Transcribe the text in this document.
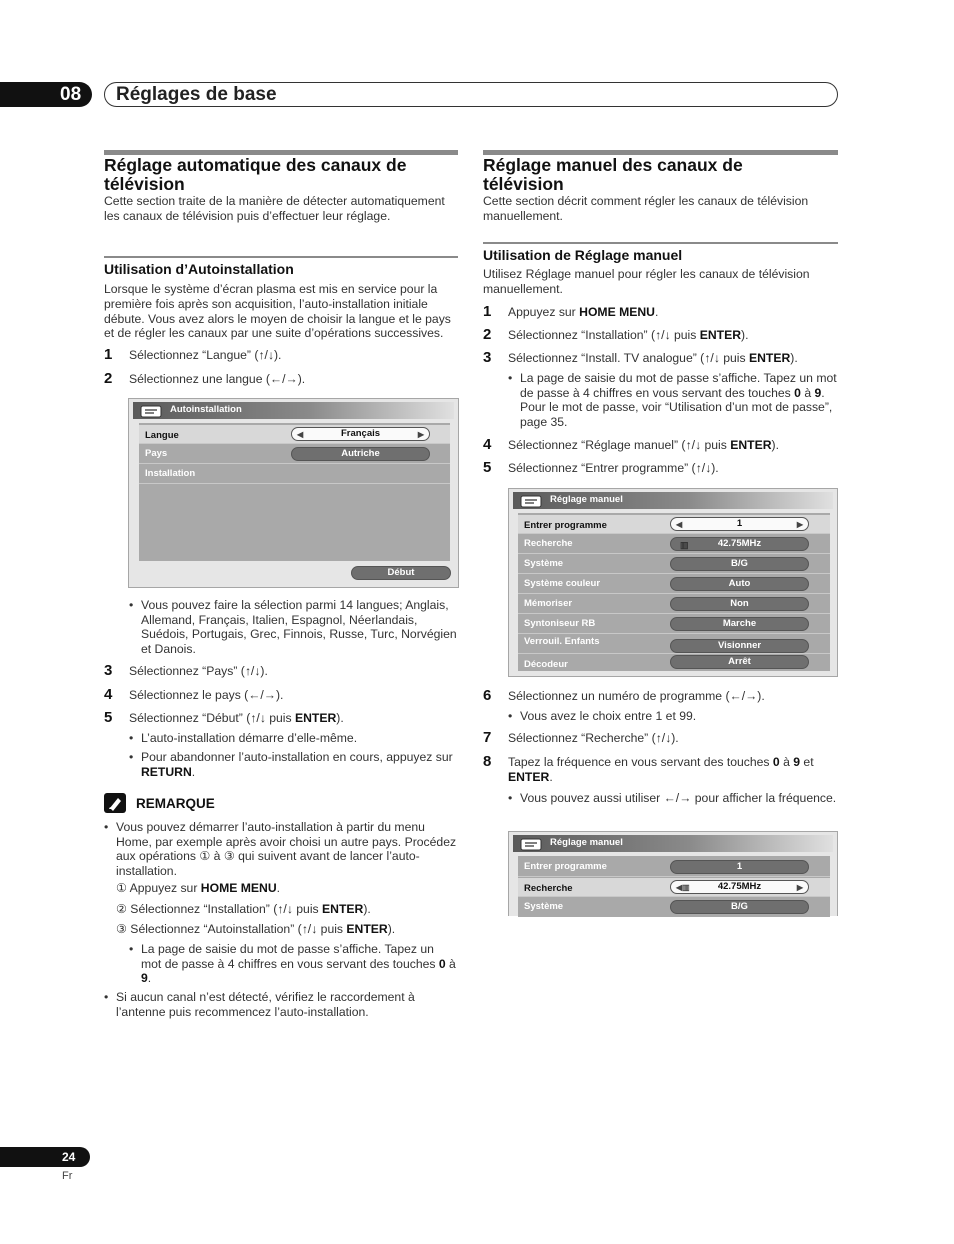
08	Réglages de base
Réglage automatique des canaux de télévision
Cette section traite de la manière de détecter automatiquement les canaux de télévision puis d’effectuer leur réglage.
Utilisation d’Autoinstallation
Lorsque le système d’écran plasma est mis en service pour la première fois après son acquisition, l’auto-installation initiale débute. Vous avez alors le moyen de choisir la langue et le pays et de régler les canaux par une suite d’opérations successives.
1 Sélectionnez “Langue” (↑/↓).
2 Sélectionnez une langue (←/→).
Autoinstallation
Langue	◀	Français	▶
Pays	Autriche
Installation
Début
• Vous pouvez faire la sélection parmi 14 langues; Anglais, Allemand, Français, Italien, Espagnol, Néerlandais, Suédois, Portugais, Grec, Finnois, Russe, Turc, Norvégien et Danois.
3 Sélectionnez “Pays” (↑/↓).
4 Sélectionnez le pays (←/→).
5 Sélectionnez “Début” (↑/↓ puis ENTER).
• L’auto-installation démarre d’elle-même.
• Pour abandonner l’auto-installation en cours, appuyez sur RETURN.
REMARQUE
• Vous pouvez démarrer l’auto-installation à partir du menu Home, par exemple après avoir choisi un autre pays. Procédez aux opérations ① à ③ qui suivent avant de lancer l’auto-installation.
① Appuyez sur HOME MENU.
② Sélectionnez “Installation” (↑/↓ puis ENTER).
③ Sélectionnez “Autoinstallation” (↑/↓ puis ENTER).
• La page de saisie du mot de passe s’affiche. Tapez un mot de passe à 4 chiffres en vous servant des touches 0 à 9.
• Si aucun canal n’est détecté, vérifiez le raccordement à l’antenne puis recommencez l’auto-installation.
Réglage manuel des canaux de télévision
Cette section décrit comment régler les canaux de télévision manuellement.
Utilisation de Réglage manuel
Utilisez Réglage manuel pour régler les canaux de télévision manuellement.
1 Appuyez sur HOME MENU.
2 Sélectionnez “Installation” (↑/↓ puis ENTER).
3 Sélectionnez “Install. TV analogue” (↑/↓ puis ENTER).
• La page de saisie du mot de passe s’affiche. Tapez un mot de passe à 4 chiffres en vous servant des touches 0 à 9. Pour le mot de passe, voir “Utilisation d’un mot de passe”, page 35.
4 Sélectionnez “Réglage manuel” (↑/↓ puis ENTER).
5 Sélectionnez “Entrer programme” (↑/↓).
Réglage manuel
Entrer programme	◀	1	▶
Recherche	▥	42.75MHz
Système	B/G
Système couleur	Auto
Mémoriser	Non
Syntoniseur RB	Marche
Verrouil. Enfants	Visionner
Décodeur	Arrêt
6 Sélectionnez un numéro de programme (←/→).
• Vous avez le choix entre 1 et 99.
7 Sélectionnez “Recherche” (↑/↓).
8 Tapez la fréquence en vous servant des touches 0 à 9 et
ENTER.
• Vous pouvez aussi utiliser ←/→ pour afficher la fréquence.
Réglage manuel
Entrer programme	1
Recherche	◀▥	42.75MHz	▶
Système	B/G
24
Fr
